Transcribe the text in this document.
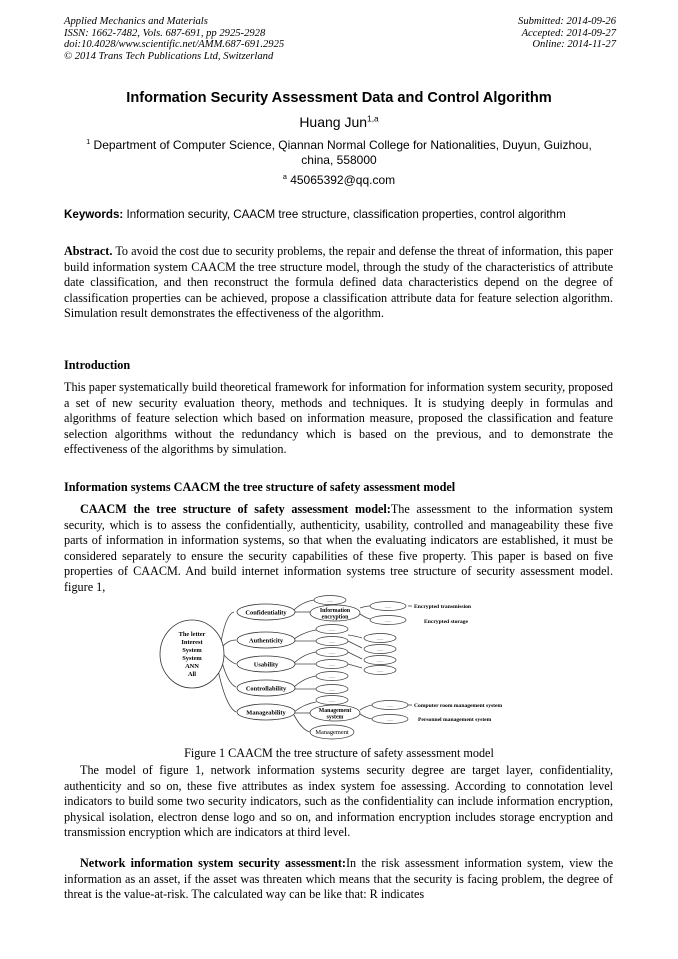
Applied Mechanics and Materials
ISSN: 1662-7482, Vols. 687-691, pp 2925-2928
doi:10.4028/www.scientific.net/AMM.687-691.2925
© 2014 Trans Tech Publications Ltd, Switzerland
Submitted: 2014-09-26
Accepted: 2014-09-27
Online: 2014-11-27
Information Security Assessment Data and Control Algorithm
Huang Jun$^{1,a}$
$^1$ Department of Computer Science, Qiannan Normal College for Nationalities, Duyun, Guizhou,
china, 558000
$^a$ 45065392@qq.com
Keywords: Information security, CAACM tree structure, classification properties, control algorithm
Abstract. To avoid the cost due to security problems, the repair and defense the threat of information, this paper build information system CAACM the tree structure model, through the study of the characteristics of attribute date classification, and then reconstruct the formula defined data characteristics depend on the degree of classification properties can be achieved, propose a classification attribute data for feature selection algorithm. Simulation result demonstrates the effectiveness of the algorithm.
Introduction
This paper systematically build theoretical framework for information for information system security, proposed a set of new security evaluation theory, methods and techniques. It is studying deeply in formulas and algorithms of feature selection which based on information measure, proposed the classification and feature selection algorithms without the redundancy which is based on the previous, and to demonstrate the effectiveness of the algorithms by simulation.
Information systems CAACM the tree structure of safety assessment model
CAACM the tree structure of safety assessment model:The assessment to the information system security, which is to assess the confidentially, authenticity, usability, controlled and manageability these five parts of information in information systems, so that when the evaluating indicators are established, it must be considered separately to ensure the security capabilities of these five property. This paper is based on five properties of CAACM. And build internet information systems tree structure of security assessment model. figure 1,
The letter
Interest
System
System
ANN
All
Confidentiality
Authenticity
Usability
Controllability
Manageability
......
......
......
......
......
......
......
......
Information
encryption
Management
system
Management
......
......
......
......
......
......
......
......
Encrypted transmission
Encrypted storage
Computer room management system
Personnel management system
Figure 1 CAACM the tree structure of safety assessment model
The model of figure 1, network information systems security degree are target layer, confidentiality, authenticity and so on, these five attributes as index system foe assessing. According to connotation level indicators to build some two security indicators, such as the confidentiality can include information encryption, physical isolation, electron dense logo and so on, and information encryption includes storage encryption and transmission encryption which are indicators at third level.
Network information system security assessment:In the risk assessment information system, view the information as an asset, if the asset was threaten which means that the security is facing problem, the degree of threat is the value-at-risk. The calculated way can be like that: R indicates
